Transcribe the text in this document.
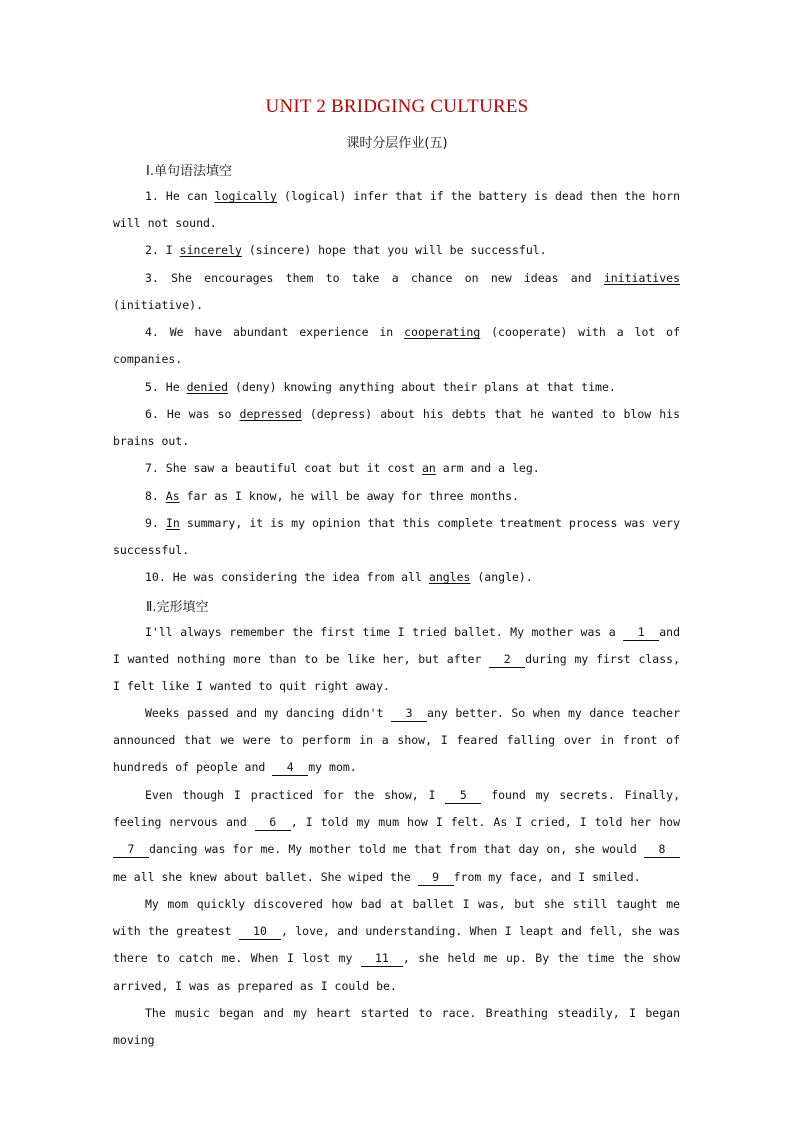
UNIT 2 BRIDGING CULTURES
课时分层作业(五)
Ⅰ.单句语法填空

1. He can logically (logical) infer that if the battery is dead then the horn will not sound.

2. I sincerely (sincere) hope that you will be successful.

3. She encourages them to take a chance on new ideas and initiatives (initiative).

4. We have abundant experience in cooperating (cooperate) with a lot of companies.

5. He denied (deny) knowing anything about their plans at that time.

6. He was so depressed (depress) about his debts that he wanted to blow his brains out.

7. She saw a beautiful coat but it cost an arm and a leg.

8. As far as I know, he will be away for three months.

9. In summary, it is my opinion that this complete treatment process was very successful.

10. He was considering the idea from all angles (angle).

Ⅱ.完形填空

I'll always remember the first time I tried ballet. My mother was a 1 and I wanted nothing more than to be like her, but after 2 during my first class, I felt like I wanted to quit right away.

Weeks passed and my dancing didn't 3 any better. So when my dance teacher announced that we were to perform in a show, I feared falling over in front of hundreds of people and 4 my mom.

Even though I practiced for the show, I 5 found my secrets. Finally, feeling nervous and 6 , I told my mum how I felt. As I cried, I told her how 7 dancing was for me. My mother told me that from that day on, she would 8me all she knew about ballet. She wiped the 9 from my face, and I smiled.

My mom quickly discovered how bad at ballet I was, but she still taught me with the greatest 10 , love, and understanding. When I leapt and fell, she was there to catch me. When I lost my 11 , she held me up. By the time the show arrived, I was as prepared as I could be.

The music began and my heart started to race. Breathing steadily, I began moving
